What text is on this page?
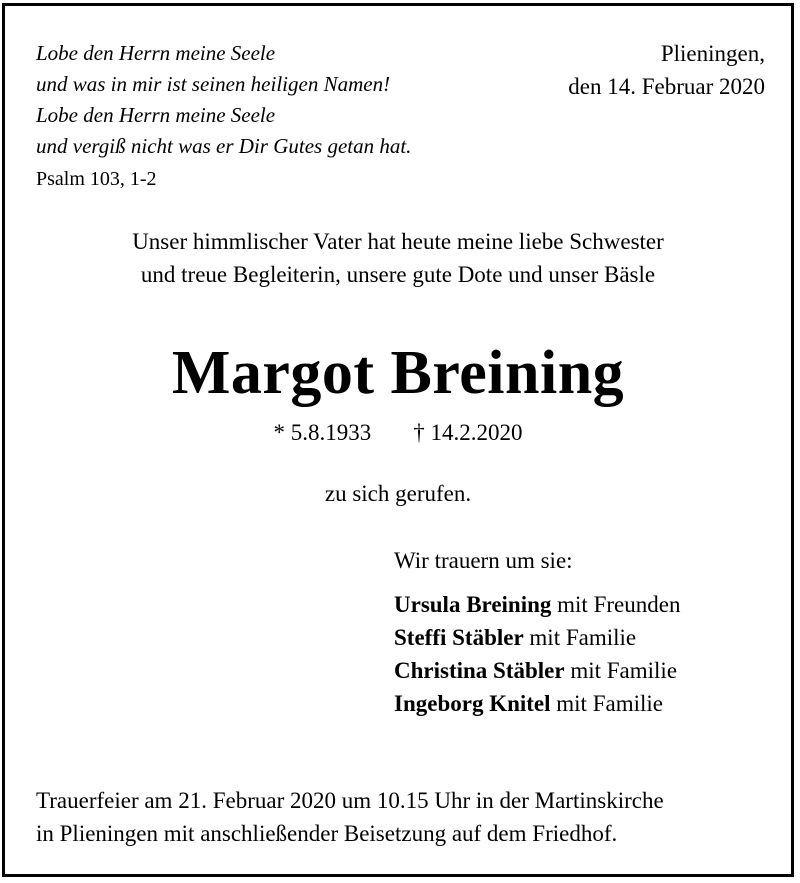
Lobe den Herrn meine Seele
und was in mir ist seinen heiligen Namen!
Lobe den Herrn meine Seele
und vergiß nicht was er Dir Gutes getan hat.
Psalm 103, 1-2
Plieningen,
den 14. Februar 2020
Unser himmlischer Vater hat heute meine liebe Schwester
und treue Begleiterin, unsere gute Dote und unser Bäsle
Margot Breining
* 5.8.1933 † 14.2.2020
zu sich gerufen.
Wir trauern um sie:
Ursula Breining mit Freunden
Steffi Stäbler mit Familie
Christina Stäbler mit Familie
Ingeborg Knitel mit Familie
Trauerfeier am 21. Februar 2020 um 10.15 Uhr in der Martinskirche
in Plieningen mit anschließender Beisetzung auf dem Friedhof.
